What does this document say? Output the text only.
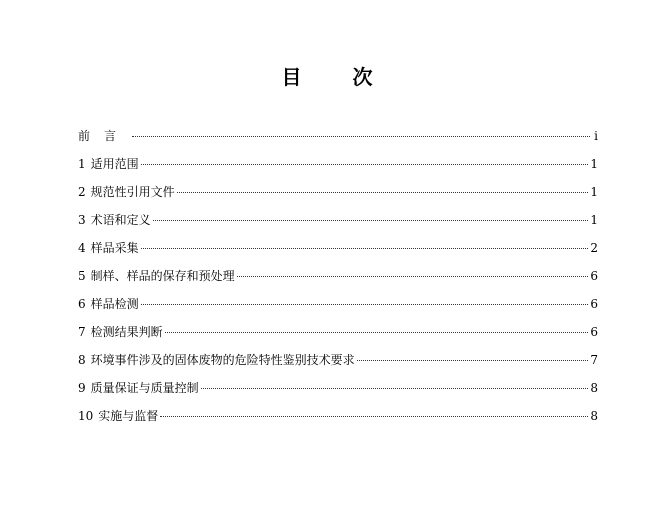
目 次
前言	i
1 适用范围	1
2 规范性引用文件	1
3 术语和定义	1
4 样品采集	2
5 制样、样品的保存和预处理	6
6 样品检测	6
7 检测结果判断	6
8 环境事件涉及的固体废物的危险特性鉴别技术要求	7
9 质量保证与质量控制	8
10 实施与监督	8
